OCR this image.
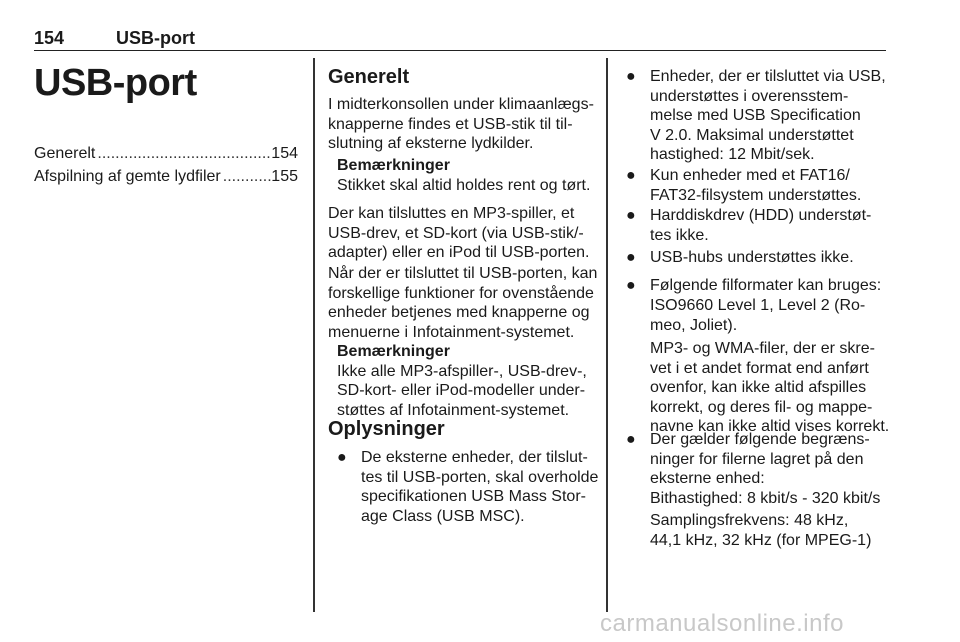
154	USB-port
USB-port
Generelt .....	154
Afspilning af gemte lydfiler .....	155
Generelt
I midterkonsollen under klimaanlægs-
knapperne findes et USB-stik til til-
slutning af eksterne lydkilder.
Bemærkninger
Stikket skal altid holdes rent og tørt.
Der kan tilsluttes en MP3-spiller, et
USB-drev, et SD-kort (via USB-stik/-
adapter) eller en iPod til USB-porten.
Når der er tilsluttet til USB-porten, kan
forskellige funktioner for ovenstående
enheder betjenes med knapperne og
menuerne i Infotainment-systemet.
Bemærkninger
Ikke alle MP3-afspiller-, USB-drev-,
SD-kort- eller iPod-modeller under-
støttes af Infotainment-systemet.
Oplysninger
● De eksterne enheder, der tilslut-
tes til USB-porten, skal overholde
specifikationen USB Mass Stor-
age Class (USB MSC).
● Enheder, der er tilsluttet via USB,
understøttes i overensstem-
melse med USB Specification
V 2.0. Maksimal understøttet
hastighed: 12 Mbit/sek.
● Kun enheder med et FAT16/
FAT32-filsystem understøttes.
● Harddiskdrev (HDD) understøt-
tes ikke.
● USB-hubs understøttes ikke.
● Følgende filformater kan bruges:
ISO9660 Level 1, Level 2 (Ro-
meo, Joliet).
MP3- og WMA-filer, der er skre-
vet i et andet format end anført
ovenfor, kan ikke altid afspilles
korrekt, og deres fil- og mappe-
navne kan ikke altid vises korrekt.
● Der gælder følgende begræns-
ninger for filerne lagret på den
eksterne enhed:
Bithastighed: 8 kbit/s - 320 kbit/s
Samplingsfrekvens: 48 kHz,
44,1 kHz, 32 kHz (for MPEG-1)
carmanualsonline.info
